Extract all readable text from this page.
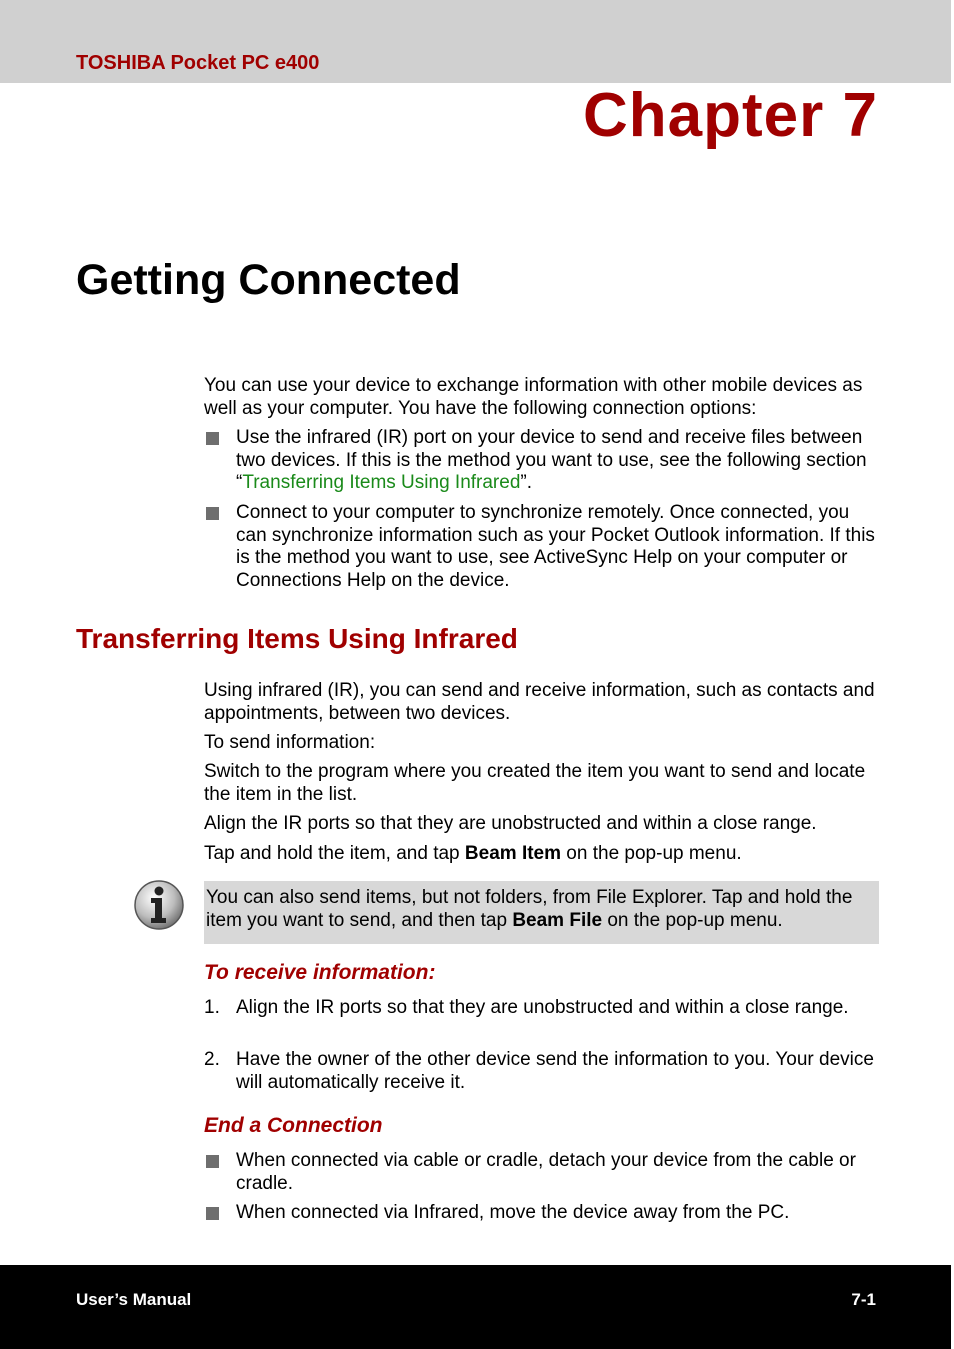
TOSHIBA Pocket PC e400
Chapter 7
Getting Connected
You can use your device to exchange information with other mobile devices as well as your computer. You have the following connection options:
Use the infrared (IR) port on your device to send and receive files between two devices. If this is the method you want to use, see the following section “Transferring Items Using Infrared”.
Connect to your computer to synchronize remotely. Once connected, you can synchronize information such as your Pocket Outlook information. If this is the method you want to use, see ActiveSync Help on your computer or Connections Help on the device.
Transferring Items Using Infrared
Using infrared (IR), you can send and receive information, such as contacts and appointments, between two devices.
To send information:
Switch to the program where you created the item you want to send and locate the item in the list.
Align the IR ports so that they are unobstructed and within a close range.
Tap and hold the item, and tap Beam Item on the pop-up menu.
You can also send items, but not folders, from File Explorer. Tap and hold the item you want to send, and then tap Beam File on the pop-up menu.
To receive information:
1. Align the IR ports so that they are unobstructed and within a close range.
2. Have the owner of the other device send the information to you. Your device will automatically receive it.
End a Connection
When connected via cable or cradle, detach your device from the cable or cradle.
When connected via Infrared, move the device away from the PC.
User’s Manual	7-1
